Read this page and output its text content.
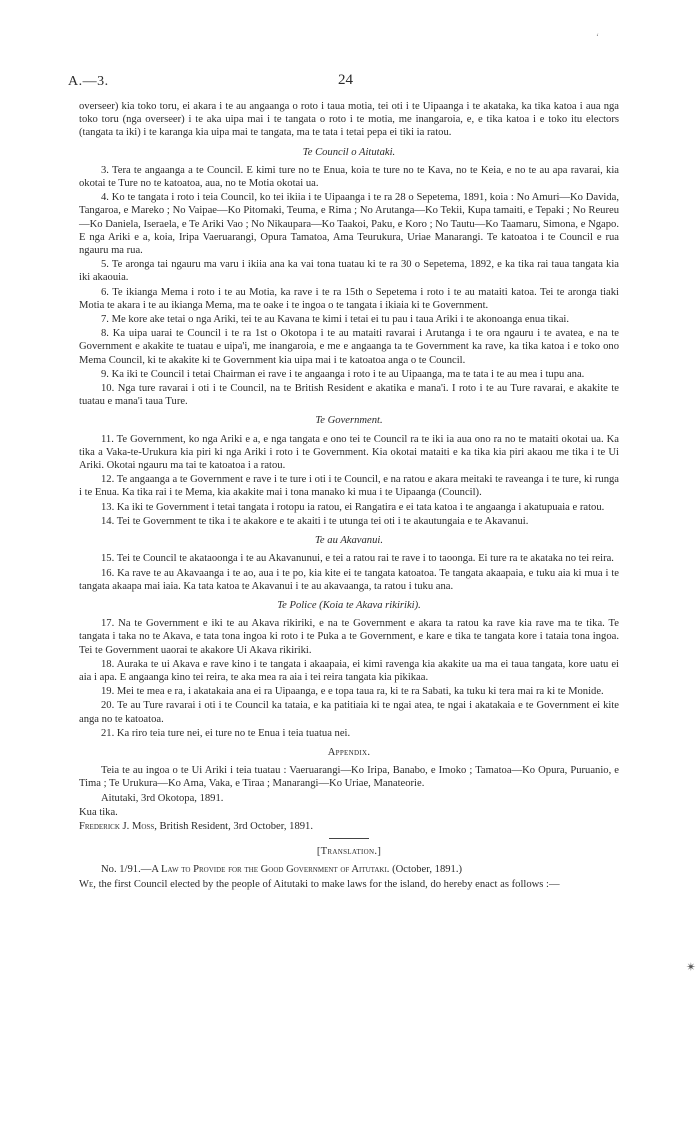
‘
A.—3.	24

overseer) kia toko toru, ei akara i te au angaanga o roto i taua motia, tei oti i te Uipaanga i te akataka, ka tika katoa i aua nga toko toru (nga overseer) i te aka uipa mai i te tangata o roto i te motia, me inangaroia, e, e tika katoa i e toko itu electors (tangata ta iki) i te karanga kia uipa mai te tangata, ma te tata i tetai pepa ei tiki ia ratou.

Te Council o Aitutaki.

3. Tera te angaanga a te Council. E kimi ture no te Enua, koia te ture no te Kava, no te Keia, e no te au apa ravarai, kia okotai te Ture no te katoatoa, aua, no te Motia okotai ua.

4. Ko te tangata i roto i teia Council, ko tei ikiia i te Uipaanga i te ra 28 o Sepetema, 1891, koia : No Amuri—Ko Davida, Tangaroa, e Mareko ; No Vaipae—Ko Pitomaki, Teuma, e Rima ; No Arutanga—Ko Tekii, Kupa tamaiti, e Tepaki ; No Reureu—Ko Daniela, Iseraela, e Te Ariki Vao ; No Nikaupara—Ko Taakoi, Paku, e Koro ; No Tautu—Ko Taamaru, Simona, e Ngapo. E nga Ariki e a, koia, Iripa Vaeruarangi, Opura Tamatoa, Ama Teurukura, Uriae Manarangi. Te katoatoa i te Council e rua ngauru ma rua.

5. Te aronga tai ngauru ma varu i ikiia ana ka vai tona tuatau ki te ra 30 o Sepetema, 1892, e ka tika rai taua tangata kia iki akaouia.

6. Te ikianga Mema i roto i te au Motia, ka rave i te ra 15th o Sepetema i roto i te au mataiti katoa. Tei te aronga tiaki Motia te akara i te au ikianga Mema, ma te oake i te ingoa o te tangata i ikiaia ki te Government.

7. Me kore ake tetai o nga Ariki, tei te au Kavana te kimi i tetai ei tu pau i taua Ariki i te akonoanga enua tikai.

8. Ka uipa uarai te Council i te ra 1st o Okotopa i te au mataiti ravarai i Arutanga i te ora ngauru i te avatea, e na te Government e akakite te tuatau e uipa'i, me inangaroia, e me e angaanga ta te Government ka rave, ka tika katoa i e toko ono Mema Council, ki te akakite ki te Government kia uipa mai i te katoatoa anga o te Council.

9. Ka iki te Council i tetai Chairman ei rave i te angaanga i roto i te au Uipaanga, ma te tata i te au mea i tupu ana.

10. Nga ture ravarai i oti i te Council, na te British Resident e akatika e mana'i. I roto i te au Ture ravarai, e akakite te tuatau e mana'i taua Ture.

Te Government.

11. Te Government, ko nga Ariki e a, e nga tangata e ono tei te Council ra te iki ia aua ono ra no te mataiti okotai ua. Ka tika a Vaka-te-Urukura kia piri ki nga Ariki i roto i te Government. Kia okotai mataiti e ka tika kia piri akaou me tika i te Ui Ariki. Okotai ngauru ma tai te katoatoa i a ratou.

12. Te angaanga a te Government e rave i te ture i oti i te Council, e na ratou e akara meitaki te raveanga i te ture, ki runga i te Enua. Ka tika rai i te Mema, kia akakite mai i tona manako ki mua i te Uipaanga (Council).

13. Ka iki te Government i tetai tangata i rotopu ia ratou, ei Rangatira e ei tata katoa i te angaanga i akatupuaia e ratou.

14. Tei te Government te tika i te akakore e te akaiti i te utunga tei oti i te akautungaia e te Akavanui.

Te au Akavanui.

15. Tei te Council te akataoonga i te au Akavanunui, e tei a ratou rai te rave i to taoonga. Ei ture ra te akataka no tei reira.

16. Ka rave te au Akavaanga i te ao, aua i te po, kia kite ei te tangata katoatoa. Te tangata akaapaia, e tuku aia ki mua i te tangata akaapa mai iaia. Ka tata katoa te Akavanui i te au akavaanga, ta ratou i tuku ana.

Te Police (Koia te Akava rikiriki).

17. Na te Government e iki te au Akava rikiriki, e na te Government e akara ta ratou ka rave kia rave ma te tika. Te tangata i taka no te Akava, e tata tona ingoa ki roto i te Puka a te Government, e kare e tika te tangata kore i tataia tona ingoa. Tei te Government uaorai te akakore Ui Akava rikiriki.

18. Auraka te ui Akava e rave kino i te tangata i akaapaia, ei kimi ravenga kia akakite ua ma ei taua tangata, kore uatu ei aia i apa. E angaanga kino tei reira, te aka mea ra aia i tei reira tangata kia pikikaa.

19. Mei te mea e ra, i akatakaia ana ei ra Uipaanga, e e topa taua ra, ki te ra Sabati, ka tuku ki tera mai ra ki te Monide.

20. Te au Ture ravarai i oti i te Council ka tataia, e ka patitiaia ki te ngai atea, te ngai i akatakaia e te Government ei kite anga no te katoatoa.

21. Ka riro teia ture nei, ei ture no te Enua i teia tuatua nei.

Appendix.

Teia te au ingoa o te Ui Ariki i teia tuatau : Vaeruarangi—Ko Iripa, Banabo, e Imoko ; Tamatoa—Ko Opura, Puruanio, e Tima ; Te Urukura—Ko Ama, Vaka, e Tiraa ; Manarangi—Ko Uriae, Manateorie.

Aitutaki, 3rd Okotopa, 1891.

Kua tika.

Frederick J. Moss, British Resident, 3rd October, 1891.

[Translation.]

No. 1/91.—A Law to Provide for the Good Government of Aitutaki. (October, 1891.)

We, the first Council elected by the people of Aitutaki to make laws for the island, do hereby enact as follows :—

✴
